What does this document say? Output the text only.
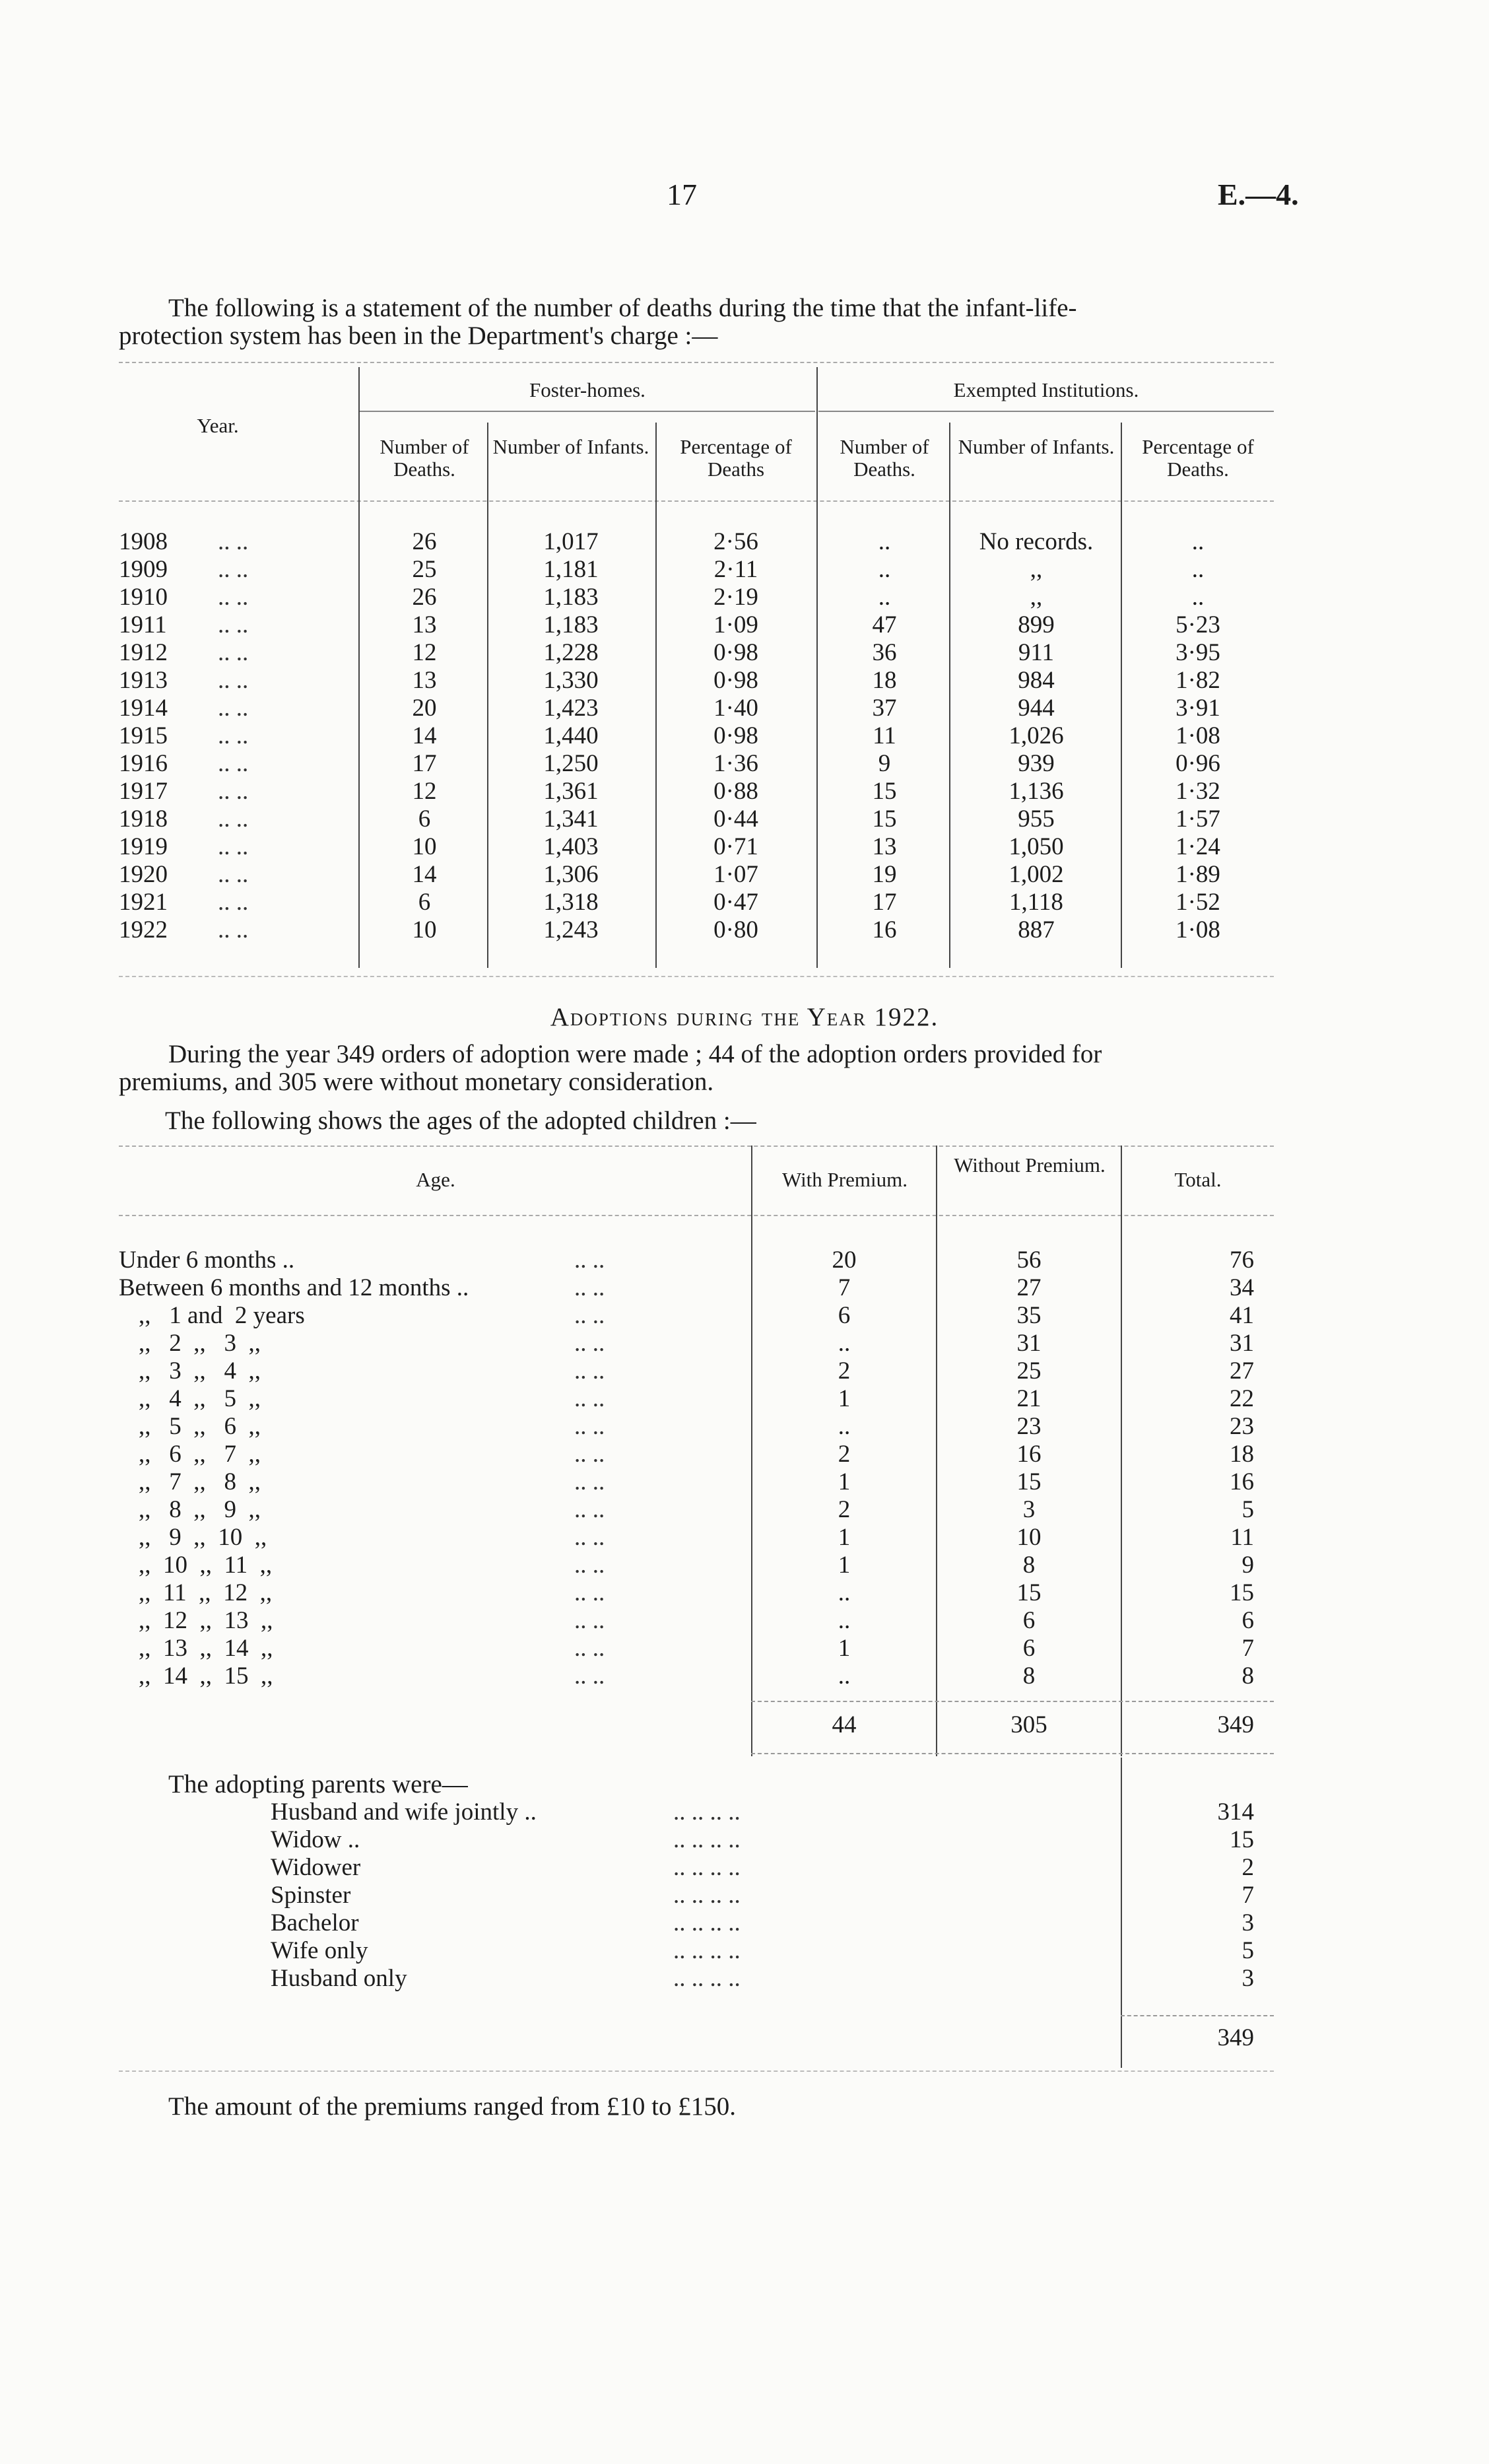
17	E.—4.
The following is a statement of the number of deaths during the time that the infant-life-
protection system has been in the Department's charge :—
Year.
Foster-homes.	Exempted Institutions.
Number of Deaths.
Number of Infants.	Percentage of Deaths
Number of Deaths.
Number of Infants.	Percentage of Deaths.
1908 .. ..	26	1,017	2·56	..	No records.	..
1909 .. ..	25	1,181	2·11	..	,,	..
1910 .. ..	26	1,183	2·19	..	,,	..
1911 .. ..	13	1,183	1·09	47	899	5·23
1912 .. ..	12	1,228	0·98	36	911	3·95
1913 .. ..	13	1,330	0·98	18	984	1·82
1914 .. ..	20	1,423	1·40	37	944	3·91
1915 .. ..	14	1,440	0·98	11	1,026	1·08
1916 .. ..	17	1,250	1·36	9	939	0·96
1917 .. ..	12	1,361	0·88	15	1,136	1·32
1918 .. ..	6	1,341	0·44	15	955	1·57
1919 .. ..	10	1,403	0·71	13	1,050	1·24
1920 .. ..	14	1,306	1·07	19	1,002	1·89
1921 .. ..	6	1,318	0·47	17	1,118	1·52
1922 .. ..	10	1,243	0·80	16	887	1·08
Adoptions during the Year 1922.
During the year 349 orders of adoption were made ; 44 of the adoption orders provided for
premiums, and 305 were without monetary consideration.
The following shows the ages of the adopted children :—
Age.	With Premium.
Without Premium.
Total.
Under 6 months ..	.. ..	20	56	76
Between 6 months and 12 months ..	.. ..	7	27	34
,,   1 and  2 years	.. ..	6	35	41
,,   2  ,,   3  ,,	.. ..	..	31	31
,,   3  ,,   4  ,,	.. ..	2	25	27
,,   4  ,,   5  ,,	.. ..	1	21	22
,,   5  ,,   6  ,,	.. ..	..	23	23
,,   6  ,,   7  ,,	.. ..	2	16	18
,,   7  ,,   8  ,,	.. ..	1	15	16
,,   8  ,,   9  ,,	.. ..	2	3	5
,,   9  ,,  10  ,,	.. ..	1	10	11
,,  10  ,,  11  ,,	.. ..	1	8	9
,,  11  ,,  12  ,,	.. ..	..	15	15
,,  12  ,,  13  ,,	.. ..	..	6	6
,,  13  ,,  14  ,,	.. ..	1	6	7
,,  14  ,,  15  ,,	.. ..	..	8	8
44	305	349
The adopting parents were—
Husband and wife jointly ..	.. .. .. ..	314
Widow ..	.. .. .. ..	15
Widower	.. .. .. ..	2
Spinster	.. .. .. ..	7
Bachelor	.. .. .. ..	3
Wife only	.. .. .. ..	5
Husband only	.. .. .. ..	3
349
The amount of the premiums ranged from £10 to £150.
